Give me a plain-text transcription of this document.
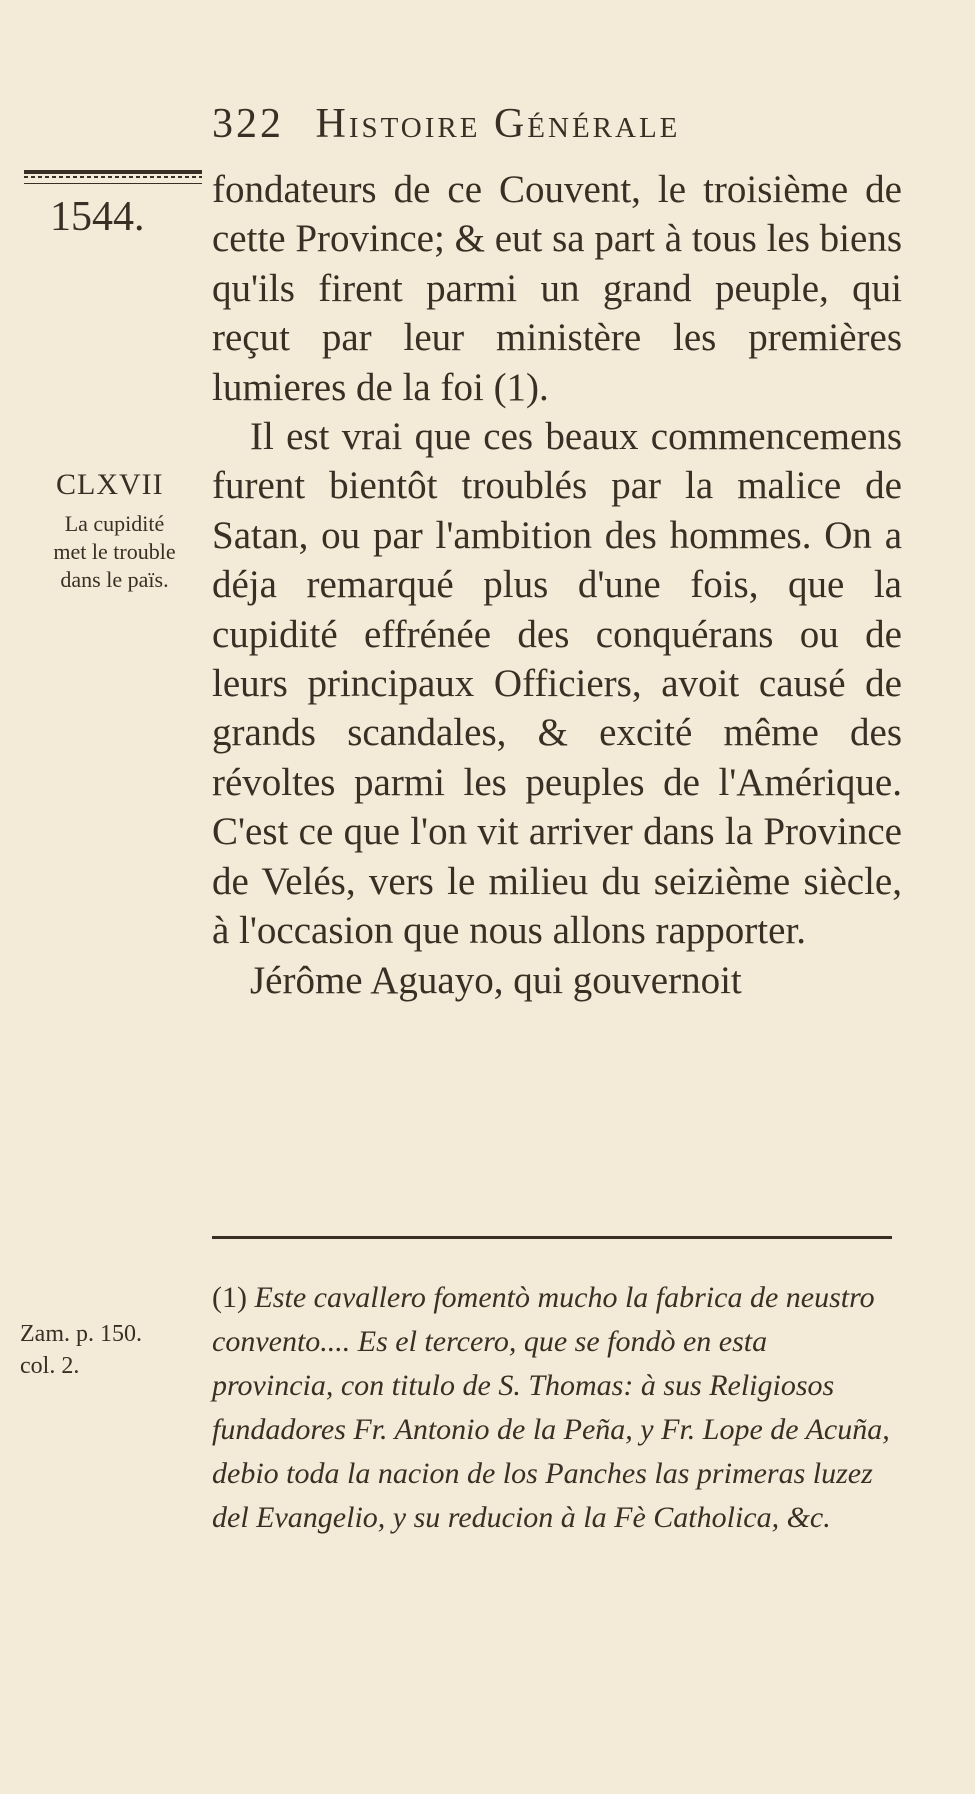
322 Histoire Générale
1544.
CLXVII
La cupidité
met le trouble
dans le païs.

fondateurs de ce Couvent, le troisième de cette Province; & eut sa part à tous les biens qu'ils firent parmi un grand peuple, qui reçut par leur ministère les premières lumieres de la foi (1).

Il est vrai que ces beaux commencemens furent bientôt troublés par la malice de Satan, ou par l'ambition des hommes. On a déja remarqué plus d'une fois, que la cupidité effrénée des conquérans ou de leurs principaux Officiers, avoit causé de grands scandales, & excité même des révoltes parmi les peuples de l'Amérique. C'est ce que l'on vit arriver dans la Province de Velés, vers le milieu du seizième siècle, à l'occasion que nous allons rapporter.

Jérôme Aguayo, qui gouvernoit

Zam. p. 150.
col. 2.

(1) Este cavallero fomentò mucho la fabrica de neustro convento.... Es el tercero, que se fondò en esta provincia, con titulo de S. Thomas: à sus Religiosos fundadores Fr. Antonio de la Peña, y Fr. Lope de Acuña, debio toda la nacion de los Panches las primeras luzez del Evangelio, y su reducion à la Fè Catholica, &c.
